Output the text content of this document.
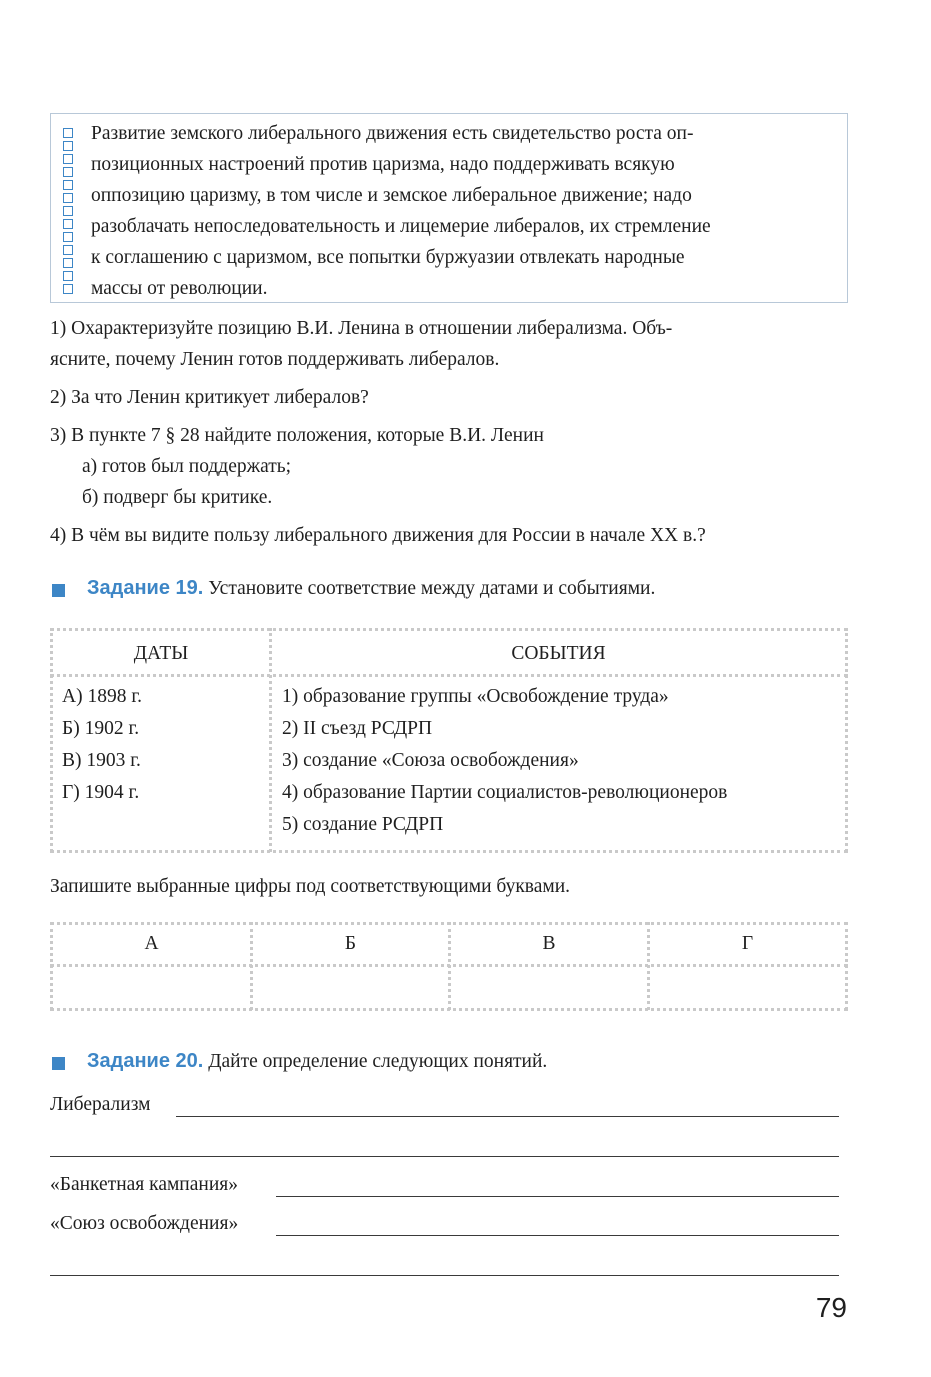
Развитие земского либерального движения есть свидетельство роста оп-
позиционных настроений против царизма, надо поддерживать всякую
оппозицию царизму, в том числе и земское либеральное движение; надо
разоблачать непоследовательность и лицемерие либералов, их стремление
к соглашению с царизмом, все попытки буржуазии отвлекать народные
массы от революции.
1) Охарактеризуйте позицию В.И. Ленина в отношении либерализма. Объ-
ясните, почему Ленин готов поддерживать либералов.
2) За что Ленин критикует либералов?
3) В пункте 7 § 28 найдите положения, которые В.И. Ленин
а) готов был поддержать;
б) подверг бы критике.
4) В чём вы видите пользу либерального движения для России в начале XX в.?
Задание 19. Установите соответствие между датами и событиями.
ДАТЫ	СОБЫТИЯ
А) 1898 г.
Б) 1902 г.
В) 1903 г.
Г) 1904 г.
1) образование группы «Освобождение труда»
2) II съезд РСДРП
3) создание «Союза освобождения»
4) образование Партии социалистов-революционеров
5) создание РСДРП
Запишите выбранные цифры под соответствующими буквами.
А	Б	В	Г
Задание 20. Дайте определение следующих понятий.
Либерализм
«Банкетная кампания»
«Союз освобождения»
79
